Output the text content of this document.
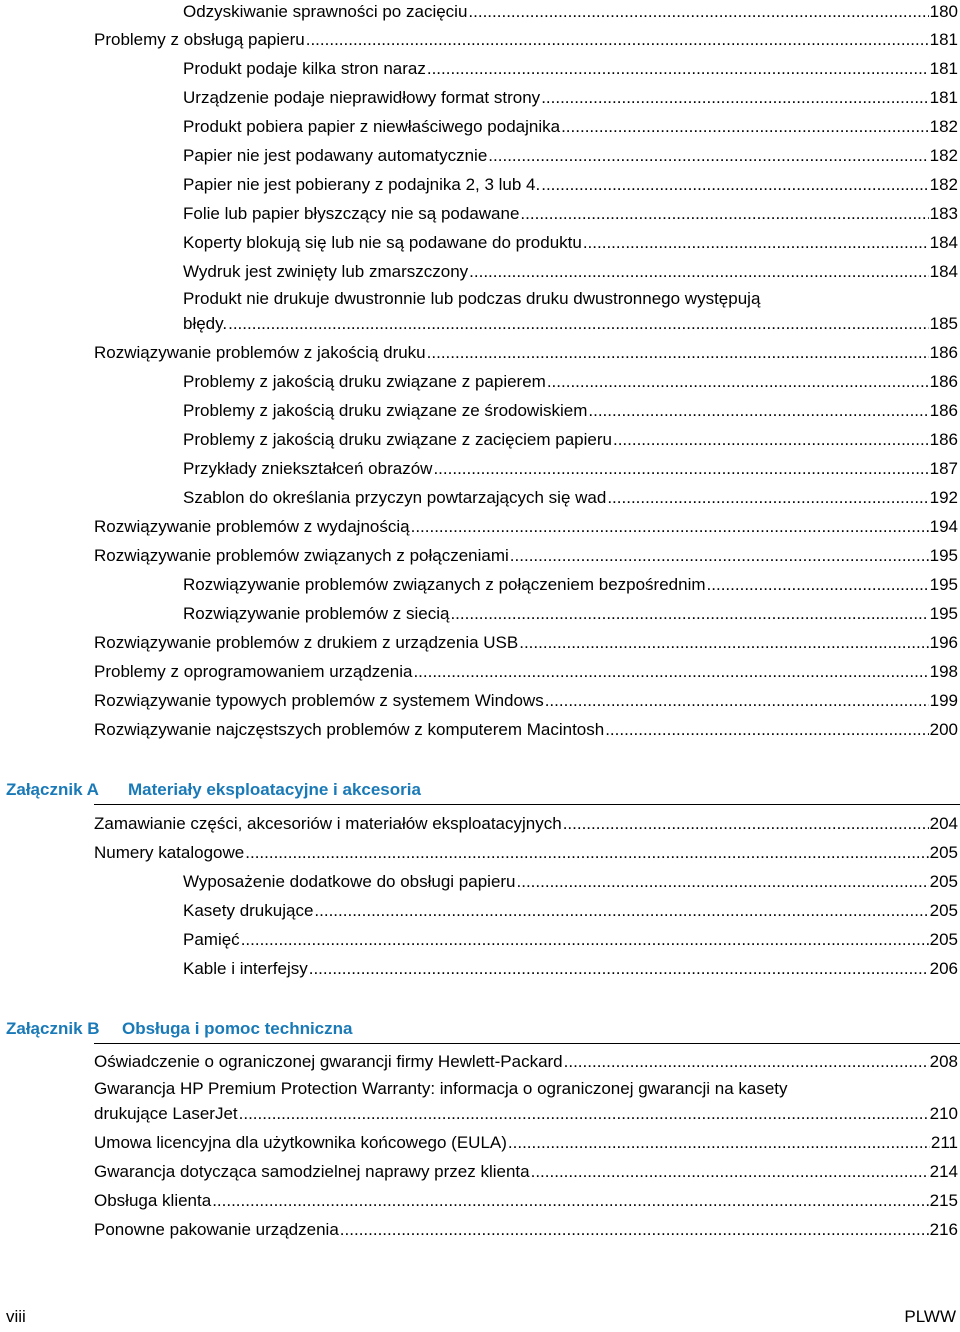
Odzyskiwanie sprawności po zacięciu .....	180
Problemy z obsługą papieru .....	181
Produkt podaje kilka stron naraz .....	181
Urządzenie podaje nieprawidłowy format strony .....	181
Produkt pobiera papier z niewłaściwego podajnika .....	182
Papier nie jest podawany automatycznie .....	182
Papier nie jest pobierany z podajnika 2, 3 lub 4. .....	182
Folie lub papier błyszczący nie są podawane .....	183
Koperty blokują się lub nie są podawane do produktu .....	184
Wydruk jest zwinięty lub zmarszczony .....	184
Produkt nie drukuje dwustronnie lub podczas druku dwustronnego występują
błędy. .....	185
Rozwiązywanie problemów z jakością druku .....	186
Problemy z jakością druku związane z papierem .....	186
Problemy z jakością druku związane ze środowiskiem .....	186
Problemy z jakością druku związane z zacięciem papieru .....	186
Przykłady zniekształceń obrazów .....	187
Szablon do określania przyczyn powtarzających się wad .....	192
Rozwiązywanie problemów z wydajnością .....	194
Rozwiązywanie problemów związanych z połączeniami .....	195
Rozwiązywanie problemów związanych z połączeniem bezpośrednim .....	195
Rozwiązywanie problemów z siecią .....	195
Rozwiązywanie problemów z drukiem z urządzenia USB .....	196
Problemy z oprogramowaniem urządzenia .....	198
Rozwiązywanie typowych problemów z systemem Windows .....	199
Rozwiązywanie najczęstszych problemów z komputerem Macintosh .....	200
Załącznik A Materiały eksploatacyjne i akcesoria
Zamawianie części, akcesoriów i materiałów eksploatacyjnych .....	204
Numery katalogowe .....	205
Wyposażenie dodatkowe do obsługi papieru .....	205
Kasety drukujące .....	205
Pamięć .....	205
Kable i interfejsy .....	206
Załącznik B Obsługa i pomoc techniczna
Oświadczenie o ograniczonej gwarancji firmy Hewlett-Packard .....	208
Gwarancja HP Premium Protection Warranty: informacja o ograniczonej gwarancji na kasety
drukujące LaserJet .....	210
Umowa licencyjna dla użytkownika końcowego (EULA) .....	211
Gwarancja dotycząca samodzielnej naprawy przez klienta .....	214
Obsługa klienta .....	215
Ponowne pakowanie urządzenia .....	216
viii	PLWW
